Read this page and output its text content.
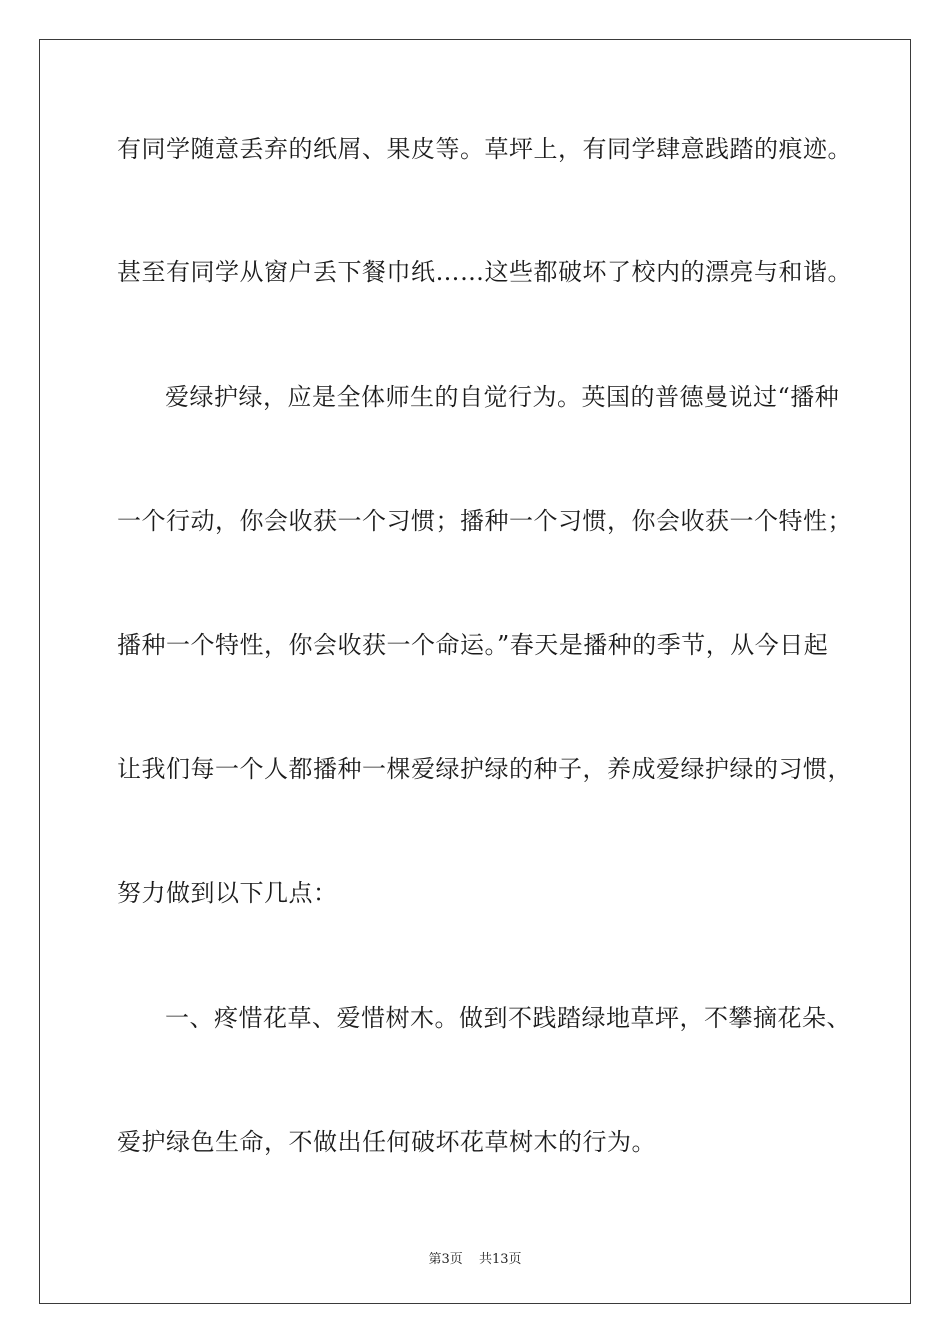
有同学随意丢弃的纸屑、果皮等。草坪上，有同学肆意践踏的痕迹。
甚至有同学从窗户丢下餐巾纸……这些都破坏了校内的漂亮与和谐。
爱绿护绿，应是全体师生的自觉行为。英国的普德曼说过“播种
一个行动，你会收获一个习惯；播种一个习惯，你会收获一个特性；
播种一个特性，你会收获一个命运。”春天是播种的季节，从今日起
让我们每一个人都播种一棵爱绿护绿的种子，养成爱绿护绿的习惯，
努力做到以下几点：
一、疼惜花草、爱惜树木。做到不践踏绿地草坪，不攀摘花朵、
爱护绿色生命，不做出任何破坏花草树木的行为。
第3页 共13页
